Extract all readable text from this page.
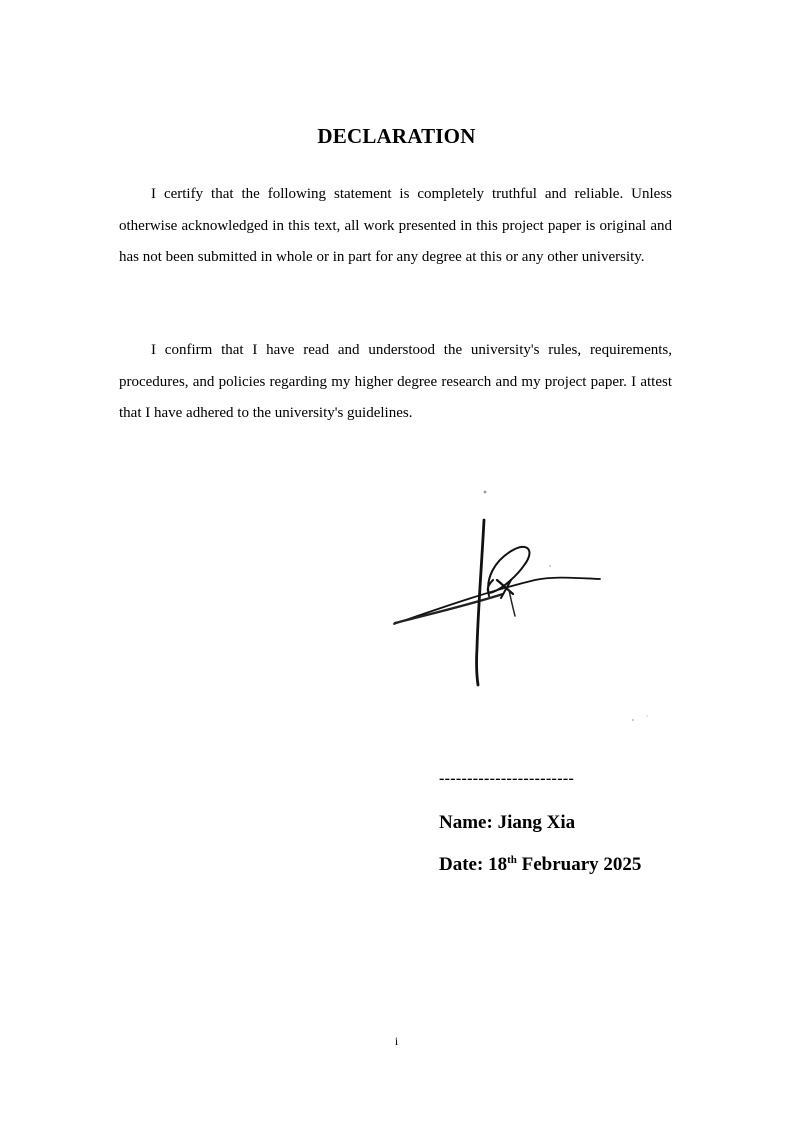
DECLARATION

I certify that the following statement is completely truthful and reliable. Unless otherwise acknowledged in this text, all work presented in this project paper is original and has not been submitted in whole or in part for any degree at this or any other university.

I confirm that I have read and understood the university's rules, requirements, procedures, and policies regarding my higher degree research and my project paper. I attest that I have adhered to the university's guidelines.

------------------------
Name: Jiang Xia
Date: 18th February 2025
i
